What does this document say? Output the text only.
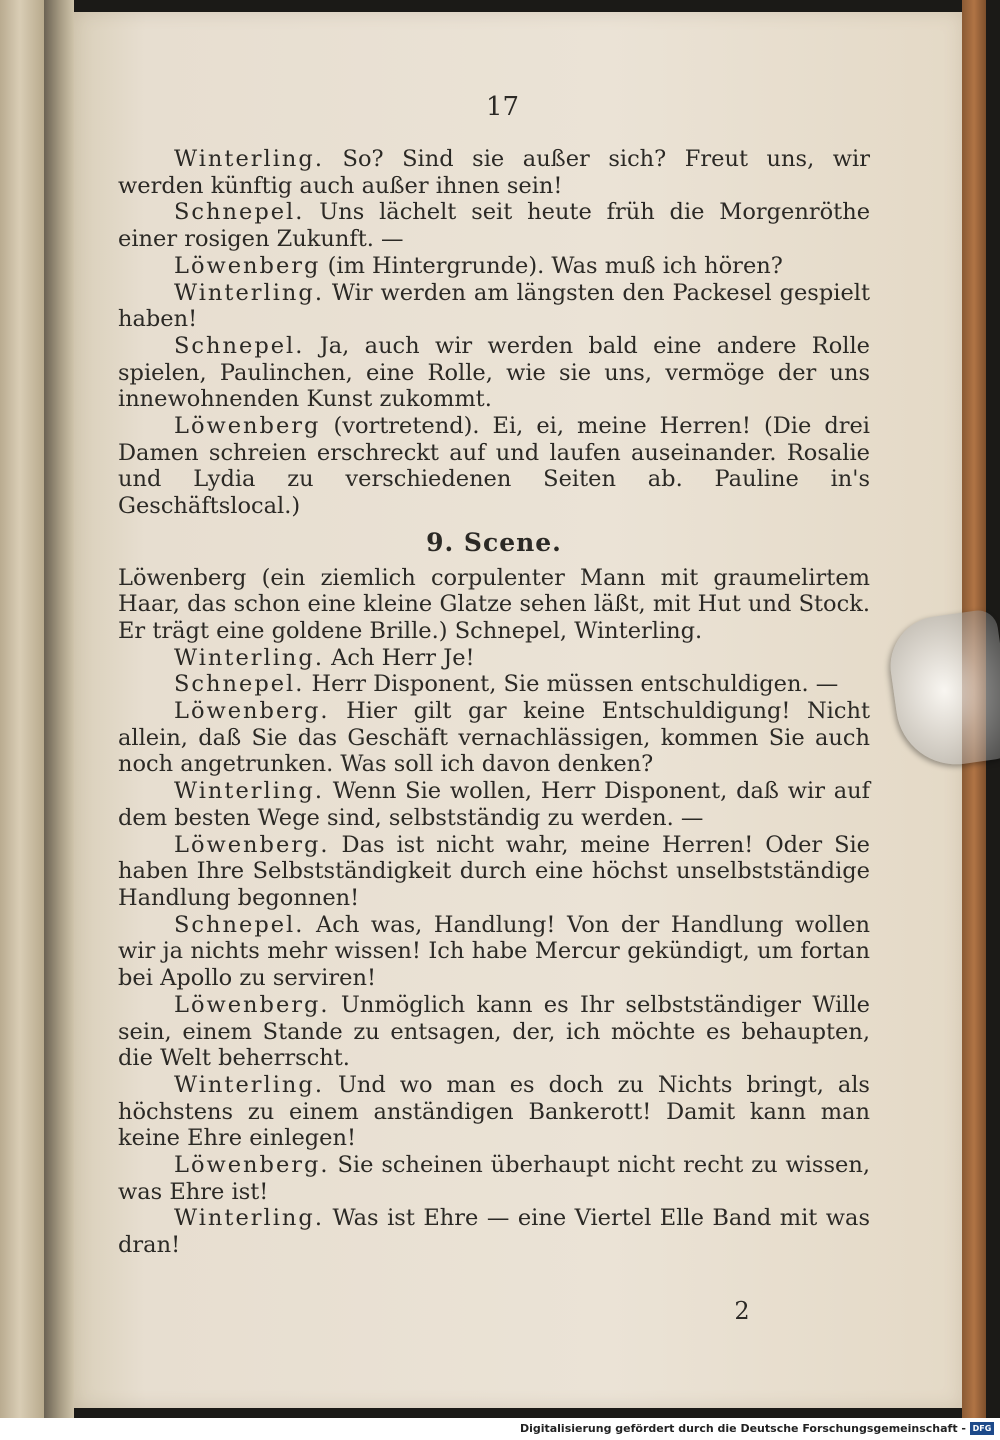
17

Winterling. So? Sind sie außer sich? Freut uns, wir werden künftig auch außer ihnen sein!

Schnepel. Uns lächelt seit heute früh die Morgenröthe einer rosigen Zukunft. —

Löwenberg (im Hintergrunde). Was muß ich hören?

Winterling. Wir werden am längsten den Packesel gespielt haben!

Schnepel. Ja, auch wir werden bald eine andere Rolle spielen, Paulinchen, eine Rolle, wie sie uns, vermöge der uns innewohnenden Kunst zukommt.

Löwenberg (vortretend). Ei, ei, meine Herren! (Die drei Damen schreien erschreckt auf und laufen auseinander. Rosalie und Lydia zu verschiedenen Seiten ab. Pauline in's Geschäftslocal.)

9. Scene.

Löwenberg (ein ziemlich corpulenter Mann mit graumelirtem Haar, das schon eine kleine Glatze sehen läßt, mit Hut und Stock. Er trägt eine goldene Brille.) Schnepel, Winterling.

Winterling. Ach Herr Je!

Schnepel. Herr Disponent, Sie müssen entschuldigen. —

Löwenberg. Hier gilt gar keine Entschuldigung! Nicht allein, daß Sie das Geschäft vernachlässigen, kommen Sie auch noch angetrunken. Was soll ich davon denken?

Winterling. Wenn Sie wollen, Herr Disponent, daß wir auf dem besten Wege sind, selbstständig zu werden. —

Löwenberg. Das ist nicht wahr, meine Herren! Oder Sie haben Ihre Selbstständigkeit durch eine höchst unselbstständige Handlung begonnen!

Schnepel. Ach was, Handlung! Von der Handlung wollen wir ja nichts mehr wissen! Ich habe Mercur gekündigt, um fortan bei Apollo zu serviren!

Löwenberg. Unmöglich kann es Ihr selbstständiger Wille sein, einem Stande zu entsagen, der, ich möchte es behaupten, die Welt beherrscht.

Winterling. Und wo man es doch zu Nichts bringt, als höchstens zu einem anständigen Bankerott! Damit kann man keine Ehre einlegen!

Löwenberg. Sie scheinen überhaupt nicht recht zu wissen, was Ehre ist!

Winterling. Was ist Ehre — eine Viertel Elle Band mit was dran!

2
Digitalisierung gefördert durch die Deutsche Forschungsgemeinschaft - DFG
